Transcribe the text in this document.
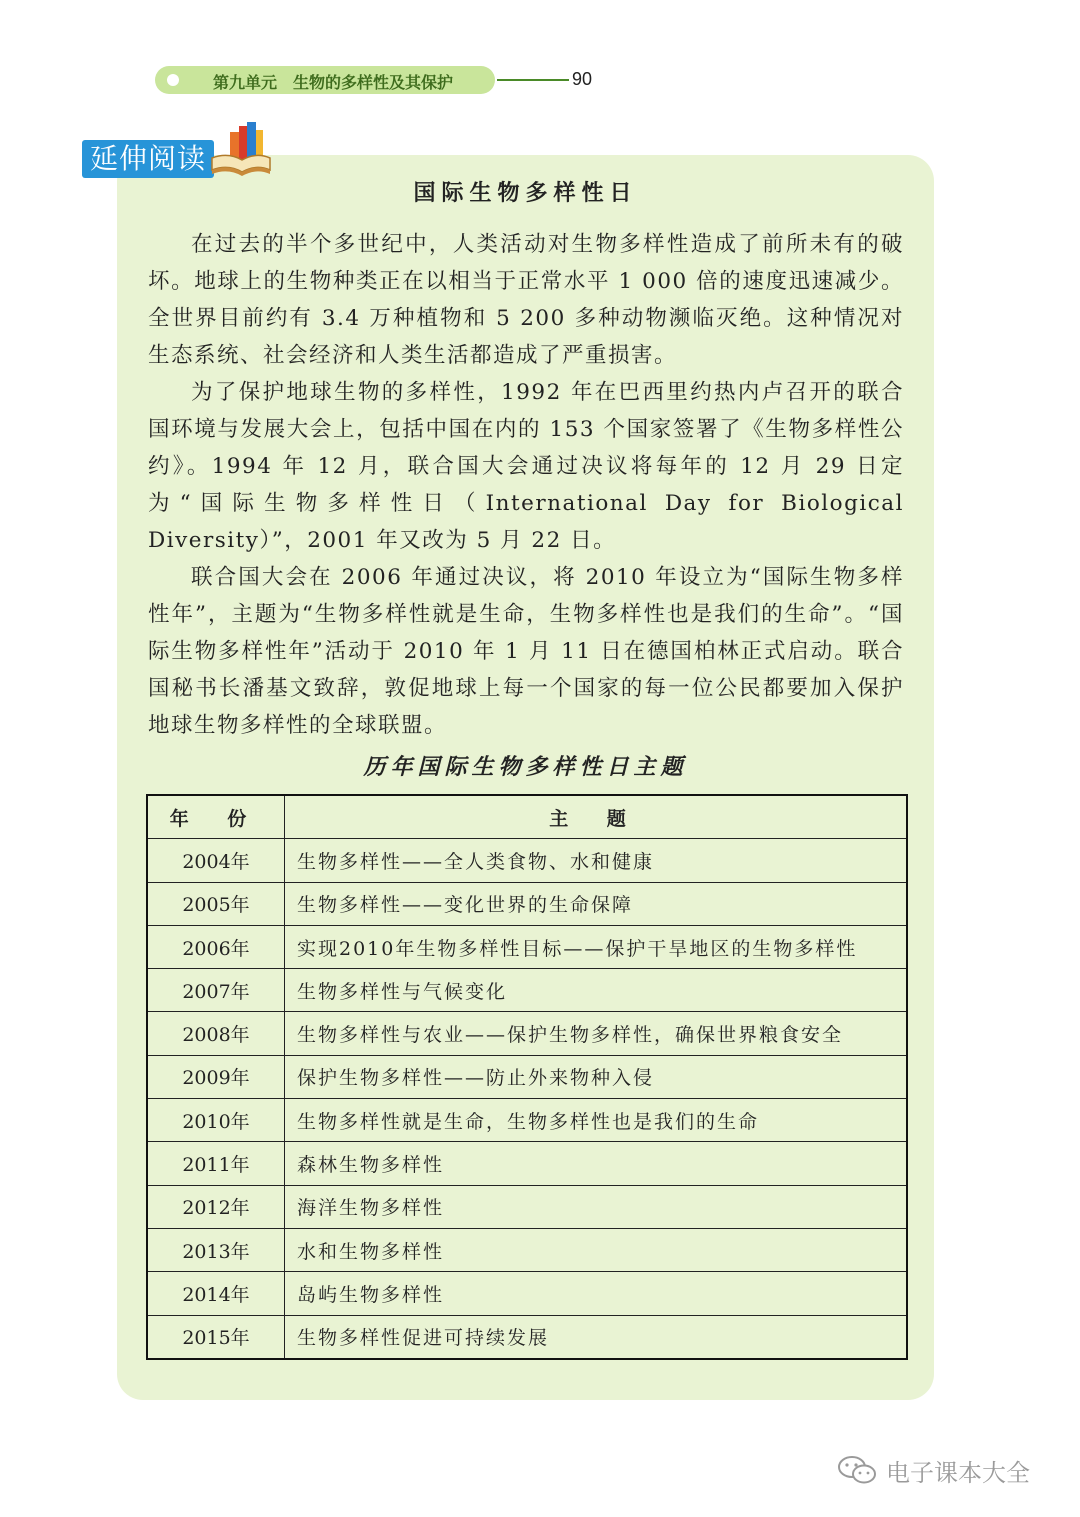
第九单元　生物的多样性及其保护	90
延伸阅读
国际生物多样性日

在过去的半个多世纪中，人类活动对生物多样性造成了前所未有的破坏。地球上的生物种类正在以相当于正常水平 1 000 倍的速度迅速减少。全世界目前约有 3.4 万种植物和 5 200 多种动物濒临灭绝。这种情况对生态系统、社会经济和人类生活都造成了严重损害。

为了保护地球生物的多样性，1992 年在巴西里约热内卢召开的联合国环境与发展大会上，包括中国在内的 153 个国家签署了《生物多样性公约》。1994 年 12 月，联合国大会通过决议将每年的 12 月 29 日定为“国际生物多样性日（International Day for Biological Diversity）”，2001 年又改为 5 月 22 日。

联合国大会在 2006 年通过决议，将 2010 年设立为“国际生物多样性年”，主题为“生物多样性就是生命，生物多样性也是我们的生命”。“国际生物多样性年”活动于 2010 年 1 月 11 日在德国柏林正式启动。联合国秘书长潘基文致辞，敦促地球上每一个国家的每一位公民都要加入保护地球生物多样性的全球联盟。

历年国际生物多样性日主题
年 份	主 题
2004年	生物多样性——全人类食物、水和健康
2005年	生物多样性——变化世界的生命保障
2006年	实现2010年生物多样性目标——保护干旱地区的生物多样性
2007年	生物多样性与气候变化
2008年	生物多样性与农业——保护生物多样性，确保世界粮食安全
2009年	保护生物多样性——防止外来物种入侵
2010年	生物多样性就是生命，生物多样性也是我们的生命
2011年	森林生物多样性
2012年	海洋生物多样性
2013年	水和生物多样性
2014年	岛屿生物多样性
2015年	生物多样性促进可持续发展
电子课本大全
